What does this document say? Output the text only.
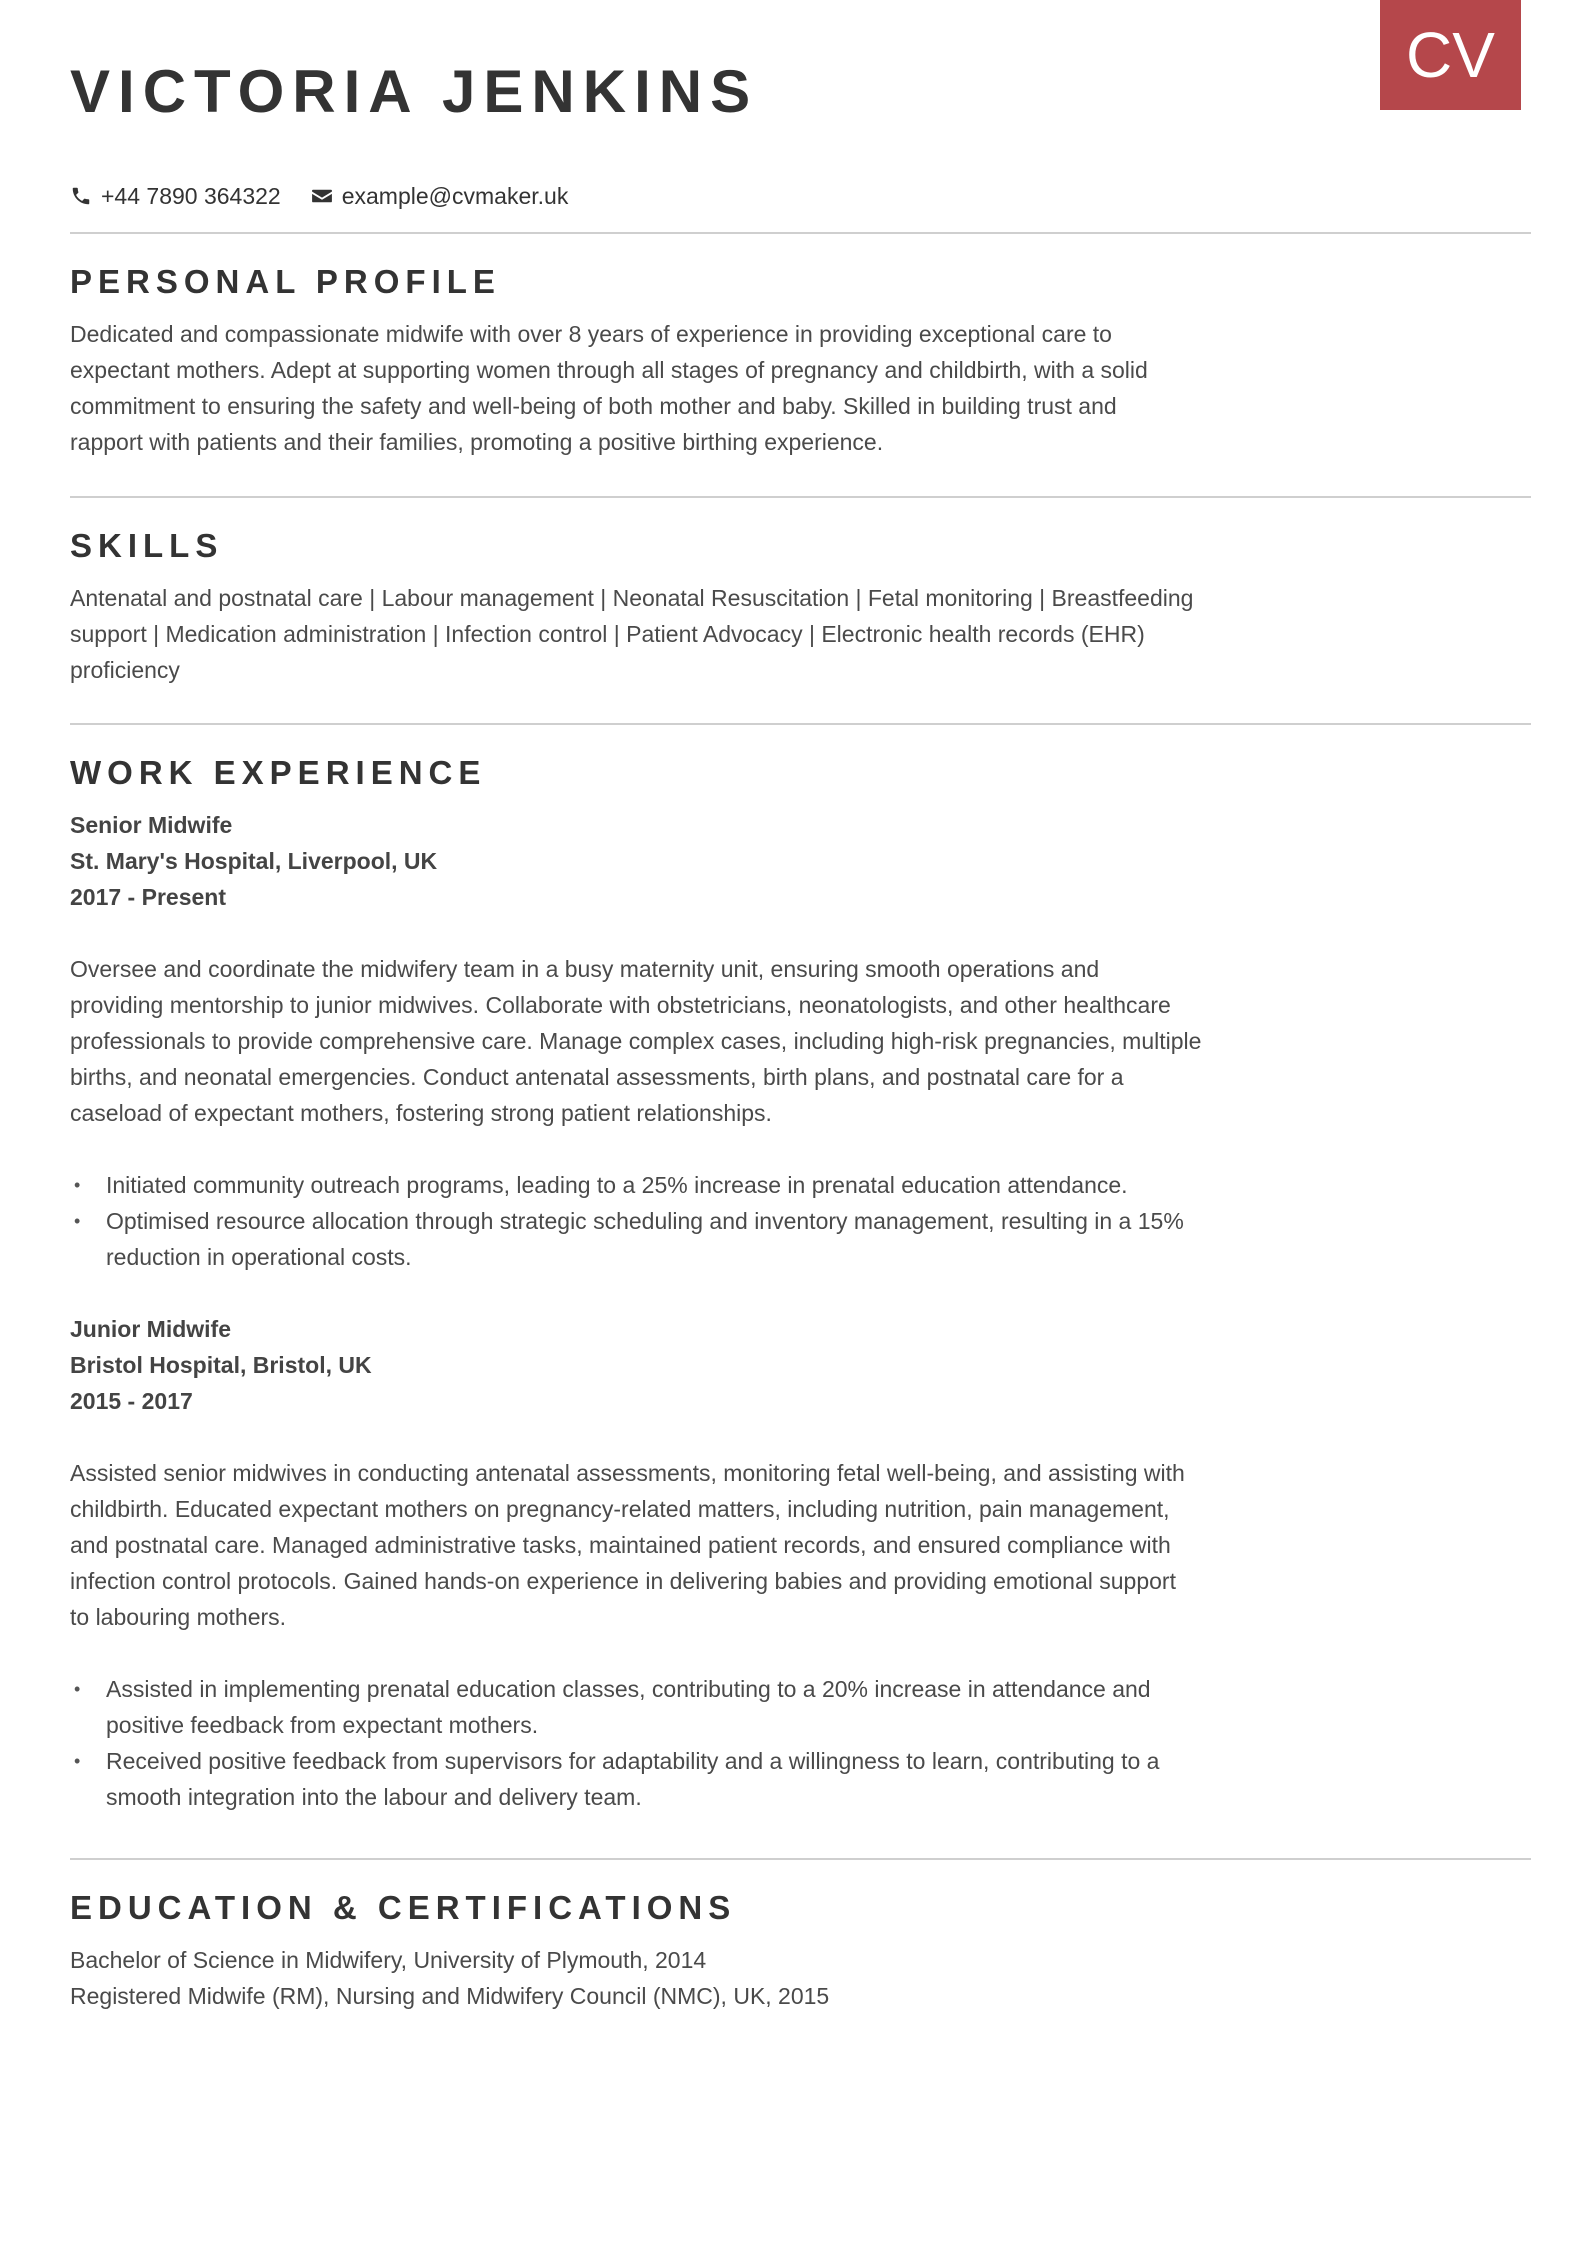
CV
VICTORIA JENKINS
+44 7890 364322	example@cvmaker.uk
PERSONAL PROFILE
Dedicated and compassionate midwife with over 8 years of experience in providing exceptional care to
expectant mothers. Adept at supporting women through all stages of pregnancy and childbirth, with a solid
commitment to ensuring the safety and well-being of both mother and baby. Skilled in building trust and
rapport with patients and their families, promoting a positive birthing experience.
SKILLS
Antenatal and postnatal care | Labour management | Neonatal Resuscitation | Fetal monitoring | Breastfeeding
support | Medication administration | Infection control | Patient Advocacy | Electronic health records (EHR)
proficiency
WORK EXPERIENCE
Senior Midwife
St. Mary's Hospital, Liverpool, UK
2017 - Present
Oversee and coordinate the midwifery team in a busy maternity unit, ensuring smooth operations and
providing mentorship to junior midwives. Collaborate with obstetricians, neonatologists, and other healthcare
professionals to provide comprehensive care. Manage complex cases, including high-risk pregnancies, multiple
births, and neonatal emergencies. Conduct antenatal assessments, birth plans, and postnatal care for a
caseload of expectant mothers, fostering strong patient relationships.
• Initiated community outreach programs, leading to a 25% increase in prenatal education attendance.
• Optimised resource allocation through strategic scheduling and inventory management, resulting in a 15%
reduction in operational costs.
Junior Midwife
Bristol Hospital, Bristol, UK
2015 - 2017
Assisted senior midwives in conducting antenatal assessments, monitoring fetal well-being, and assisting with
childbirth. Educated expectant mothers on pregnancy-related matters, including nutrition, pain management,
and postnatal care. Managed administrative tasks, maintained patient records, and ensured compliance with
infection control protocols. Gained hands-on experience in delivering babies and providing emotional support
to labouring mothers.
• Assisted in implementing prenatal education classes, contributing to a 20% increase in attendance and
positive feedback from expectant mothers.
• Received positive feedback from supervisors for adaptability and a willingness to learn, contributing to a
smooth integration into the labour and delivery team.
EDUCATION & CERTIFICATIONS
Bachelor of Science in Midwifery, University of Plymouth, 2014
Registered Midwife (RM), Nursing and Midwifery Council (NMC), UK, 2015
